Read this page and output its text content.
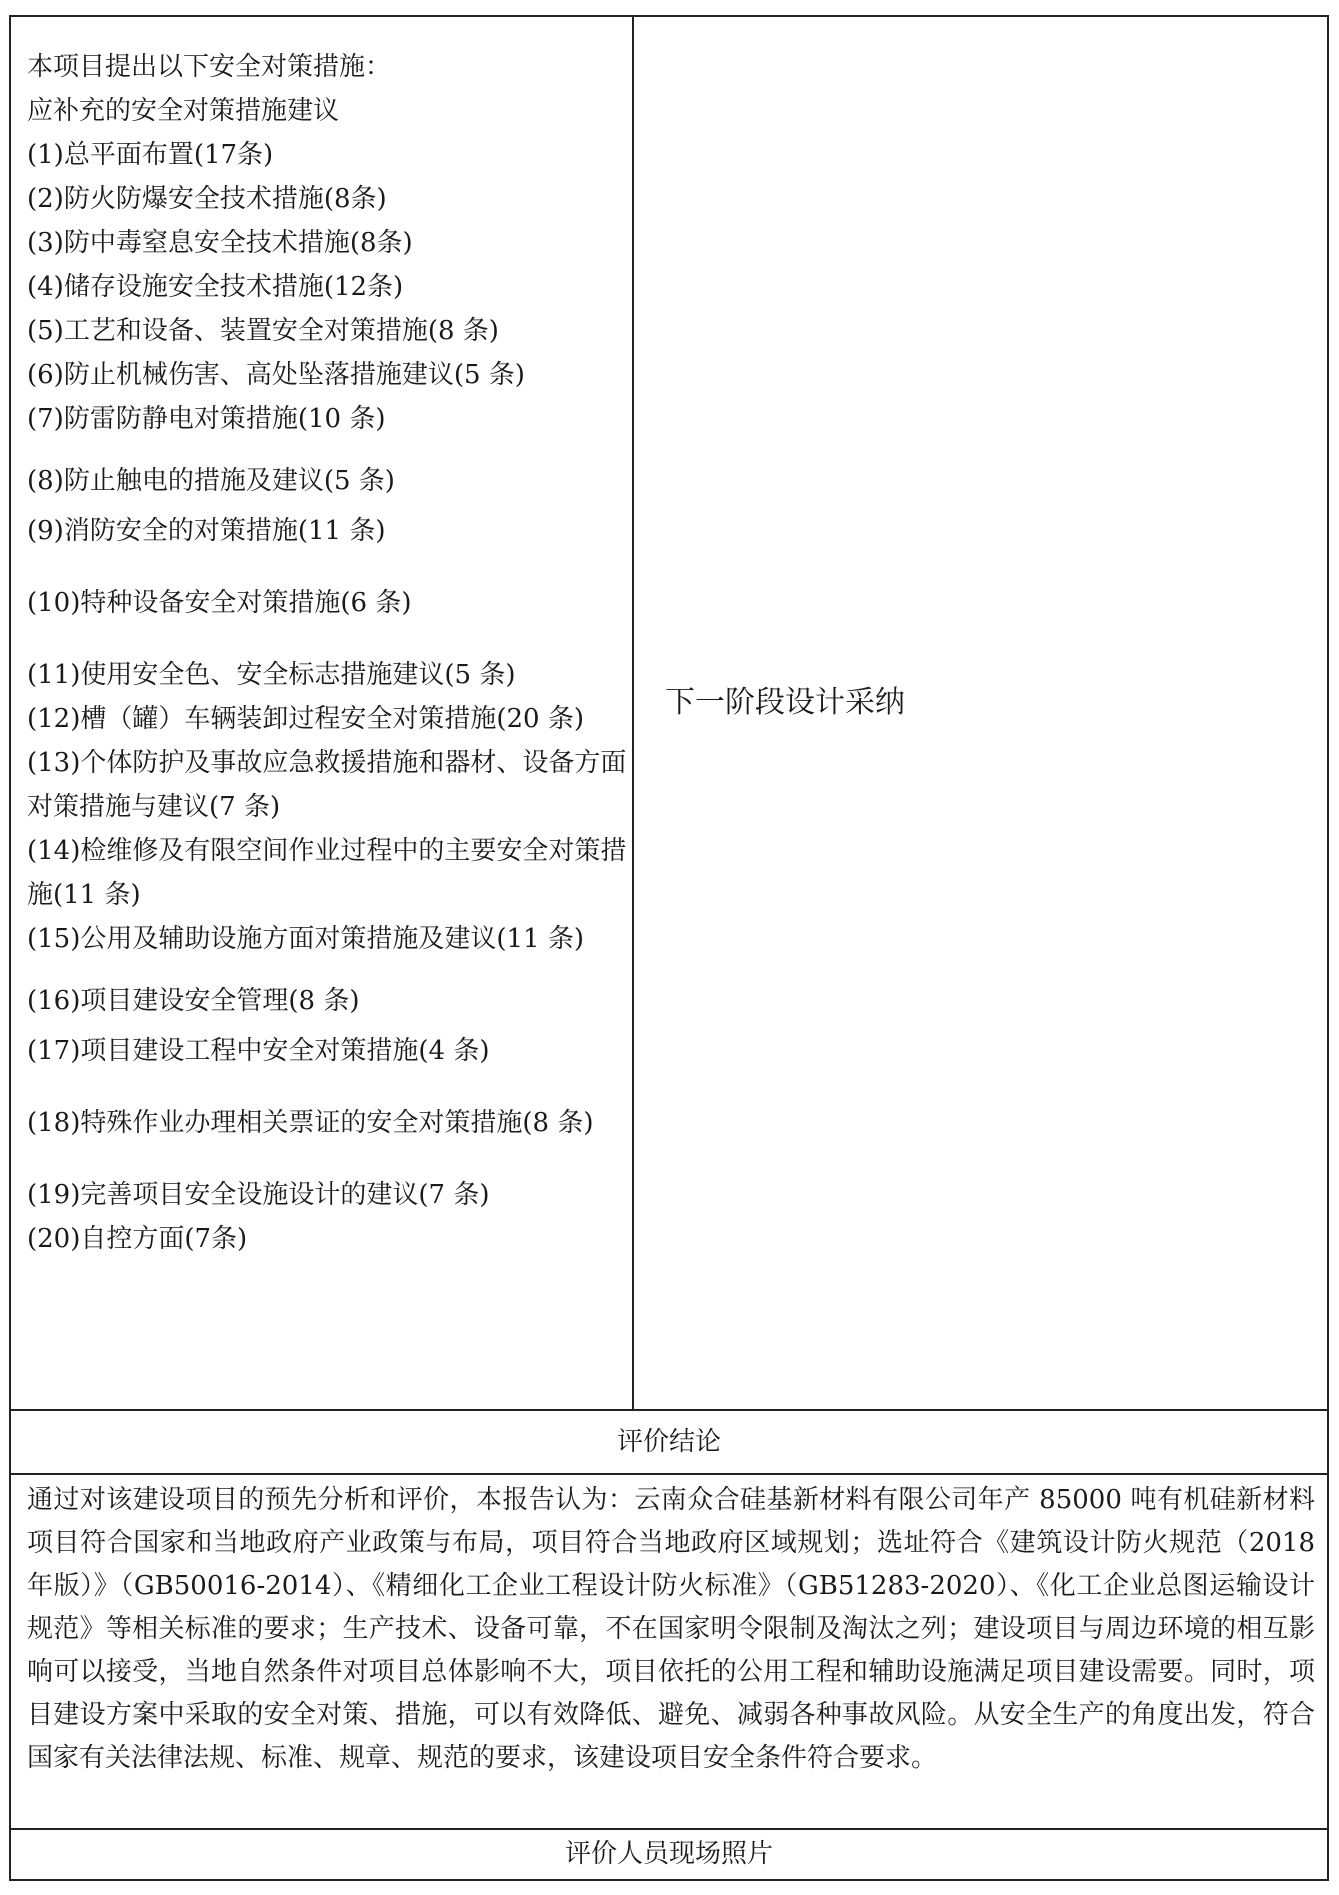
本项目提出以下安全对策措施：
应补充的安全对策措施建议
(1)总平面布置(17条)
(2)防火防爆安全技术措施(8条)
(3)防中毒窒息安全技术措施(8条)
(4)储存设施安全技术措施(12条)
(5)工艺和设备、装置安全对策措施(8 条)
(6)防止机械伤害、高处坠落措施建议(5 条)
(7)防雷防静电对策措施(10 条)
(8)防止触电的措施及建议(5 条)
(9)消防安全的对策措施(11 条)
(10)特种设备安全对策措施(6 条)
(11)使用安全色、安全标志措施建议(5 条)
(12)槽（罐）车辆装卸过程安全对策措施(20 条)
(13)个体防护及事故应急救援措施和器材、设备方面对策措施与建议(7 条)
(14)检维修及有限空间作业过程中的主要安全对策措施(11 条)
(15)公用及辅助设施方面对策措施及建议(11 条)
(16)项目建设安全管理(8 条)
(17)项目建设工程中安全对策措施(4 条)
(18)特殊作业办理相关票证的安全对策措施(8 条)
(19)完善项目安全设施设计的建议(7 条)
(20)自控方面(7条)
下一阶段设计采纳
评价结论
通过对该建设项目的预先分析和评价，本报告认为：云南众合硅基新材料有限公司年产 85000 吨有机硅新材料项目符合国家和当地政府产业政策与布局，项目符合当地政府区域规划；选址符合《建筑设计防火规范（2018 年版）》（GB50016-2014）、《精细化工企业工程设计防火标准》（GB51283-2020）、《化工企业总图运输设计规范》等相关标准的要求；生产技术、设备可靠，不在国家明令限制及淘汰之列；建设项目与周边环境的相互影响可以接受，当地自然条件对项目总体影响不大，项目依托的公用工程和辅助设施满足项目建设需要。同时，项目建设方案中采取的安全对策、措施，可以有效降低、避免、减弱各种事故风险。从安全生产的角度出发，符合国家有关法律法规、标准、规章、规范的要求，该建设项目安全条件符合要求。
评价人员现场照片
